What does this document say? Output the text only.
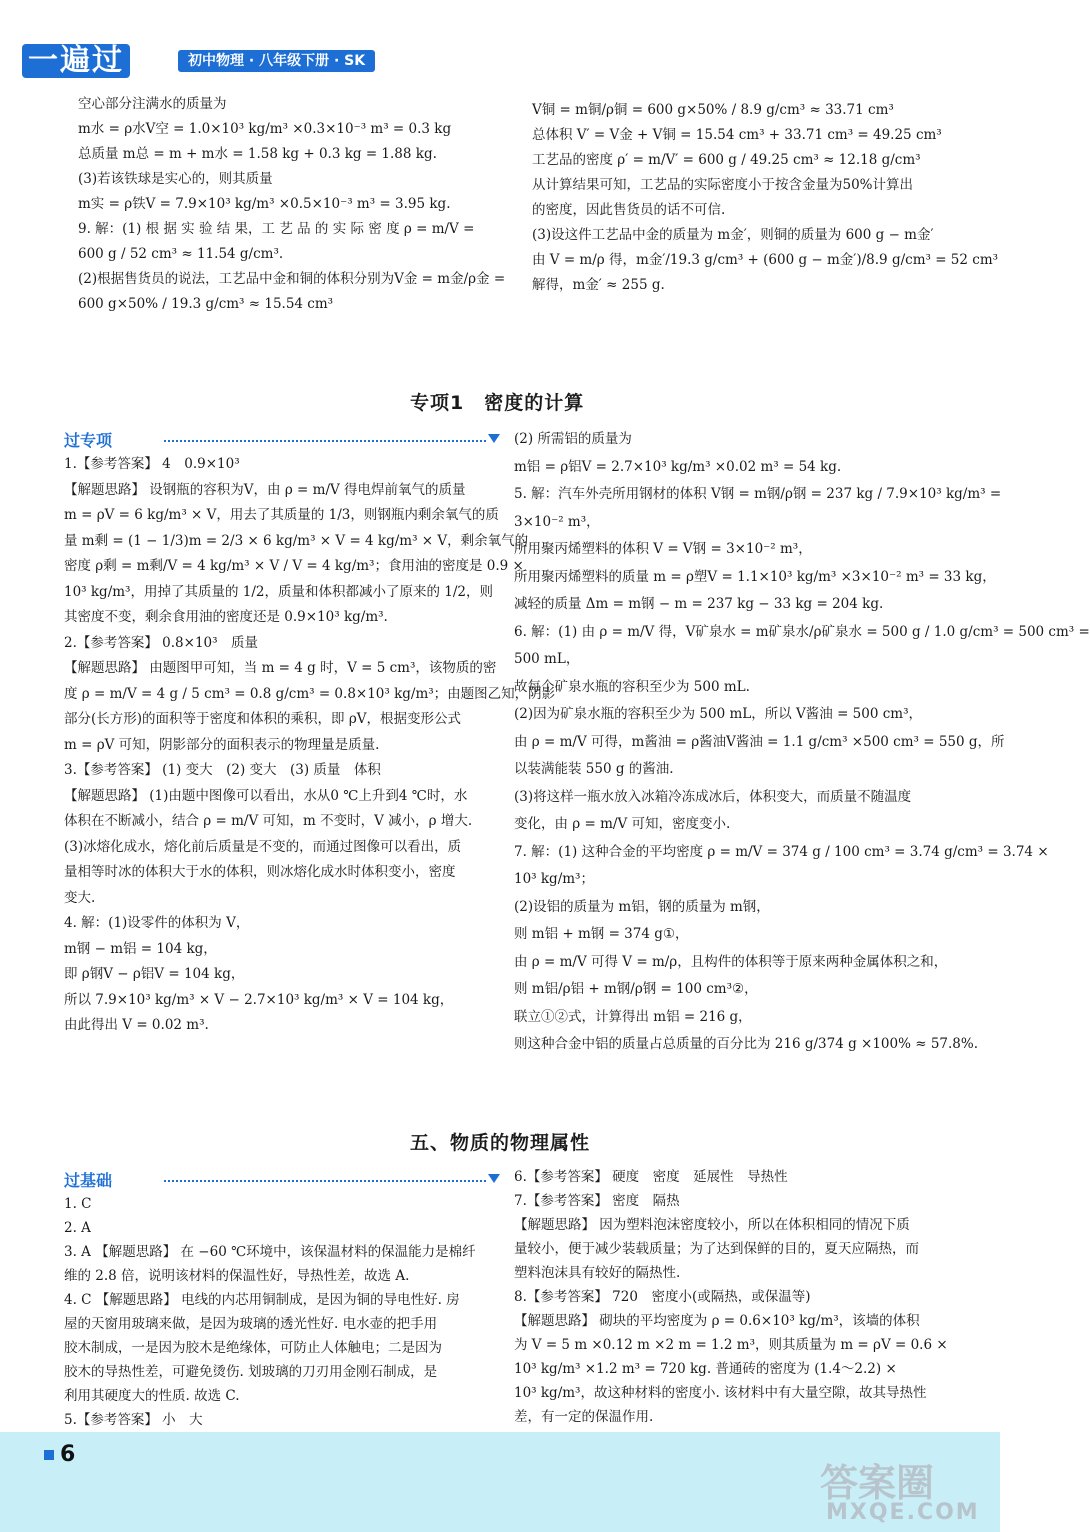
一遍过	初中物理 · 八年级下册 · SK

空心部分注满水的质量为

m水 = ρ水V空 = 1.0×10³ kg/m³ ×0.3×10⁻³ m³ = 0.3 kg

总质量 m总 = m + m水 = 1.58 kg + 0.3 kg = 1.88 kg.

(3)若该铁球是实心的，则其质量

m实 = ρ铁V = 7.9×10³ kg/m³ ×0.5×10⁻³ m³ = 3.95 kg.

9. 解：(1) 根 据 实 验 结 果，工 艺 品 的 实 际 密 度 ρ = m/V =

600 g / 52 cm³ ≈ 11.54 g/cm³.

(2)根据售货员的说法，工艺品中金和铜的体积分别为V金 = m金/ρ金 =

600 g×50% / 19.3 g/cm³ ≈ 15.54 cm³

V铜 = m铜/ρ铜 = 600 g×50% / 8.9 g/cm³ ≈ 33.71 cm³

总体积 V′ = V金 + V铜 = 15.54 cm³ + 33.71 cm³ = 49.25 cm³

工艺品的密度 ρ′ = m/V′ = 600 g / 49.25 cm³ ≈ 12.18 g/cm³

从计算结果可知，工艺品的实际密度小于按含金量为50%计算出

的密度，因此售货员的话不可信.

(3)设这件工艺品中金的质量为 m金′，则铜的质量为 600 g − m金′

由 V = m/ρ 得，m金′/19.3 g/cm³ + (600 g − m金′)/8.9 g/cm³ = 52 cm³

解得，m金′ ≈ 255 g.

专项1　密度的计算
过专项

1.【参考答案】 4　0.9×10³

【解题思路】 设钢瓶的容积为V，由 ρ = m/V 得电焊前氧气的质量

m = ρV = 6 kg/m³ × V，用去了其质量的 1/3，则钢瓶内剩余氧气的质

量 m剩 = (1 − 1/3)m = 2/3 × 6 kg/m³ × V = 4 kg/m³ × V，剩余氧气的

密度 ρ剩 = m剩/V = 4 kg/m³ × V / V = 4 kg/m³；食用油的密度是 0.9 ×

10³ kg/m³，用掉了其质量的 1/2，质量和体积都减小了原来的 1/2，则

其密度不变，剩余食用油的密度还是 0.9×10³ kg/m³.

2.【参考答案】 0.8×10³　质量

【解题思路】 由题图甲可知，当 m = 4 g 时，V = 5 cm³，该物质的密

度 ρ = m/V = 4 g / 5 cm³ = 0.8 g/cm³ = 0.8×10³ kg/m³；由题图乙知，阴影

部分(长方形)的面积等于密度和体积的乘积，即 ρV，根据变形公式

m = ρV 可知，阴影部分的面积表示的物理量是质量.

3.【参考答案】 (1) 变大　(2) 变大　(3) 质量　体积

【解题思路】 (1)由题中图像可以看出，水从0 ℃上升到4 ℃时，水

体积在不断减小，结合 ρ = m/V 可知，m 不变时，V 减小，ρ 增大.

(3)冰熔化成水，熔化前后质量是不变的，而通过图像可以看出，质

量相等时冰的体积大于水的体积，则冰熔化成水时体积变小，密度

变大.

4. 解：(1)设零件的体积为 V，

m钢 − m铝 = 104 kg，

即 ρ钢V − ρ铝V = 104 kg，

所以 7.9×10³ kg/m³ × V − 2.7×10³ kg/m³ × V = 104 kg，

由此得出 V = 0.02 m³.

(2) 所需铝的质量为

m铝 = ρ铝V = 2.7×10³ kg/m³ ×0.02 m³ = 54 kg.

5. 解：汽车外壳所用钢材的体积 V钢 = m钢/ρ钢 = 237 kg / 7.9×10³ kg/m³ =

3×10⁻² m³，

所用聚丙烯塑料的体积 V = V钢 = 3×10⁻² m³，

所用聚丙烯塑料的质量 m = ρ塑V = 1.1×10³ kg/m³ ×3×10⁻² m³ = 33 kg，

减轻的质量 Δm = m钢 − m = 237 kg − 33 kg = 204 kg.

6. 解：(1) 由 ρ = m/V 得，V矿泉水 = m矿泉水/ρ矿泉水 = 500 g / 1.0 g/cm³ = 500 cm³ =

500 mL，

故每个矿泉水瓶的容积至少为 500 mL.

(2)因为矿泉水瓶的容积至少为 500 mL，所以 V酱油 = 500 cm³，

由 ρ = m/V 可得，m酱油 = ρ酱油V酱油 = 1.1 g/cm³ ×500 cm³ = 550 g，所

以装满能装 550 g 的酱油.

(3)将这样一瓶水放入冰箱冷冻成冰后，体积变大，而质量不随温度

变化，由 ρ = m/V 可知，密度变小.

7. 解：(1) 这种合金的平均密度 ρ = m/V = 374 g / 100 cm³ = 3.74 g/cm³ = 3.74 ×

10³ kg/m³；

(2)设铝的质量为 m铝，钢的质量为 m钢，

则 m铝 + m钢 = 374 g①，

由 ρ = m/V 可得 V = m/ρ，且构件的体积等于原来两种金属体积之和，

则 m铝/ρ铝 + m钢/ρ钢 = 100 cm³②，

联立①②式，计算得出 m铝 = 216 g，

则这种合金中铝的质量占总质量的百分比为 216 g/374 g ×100% ≈ 57.8%.

五、物质的物理属性
过基础

1. C

2. A

3. A 【解题思路】 在 −60 ℃环境中，该保温材料的保温能力是棉纤

维的 2.8 倍，说明该材料的保温性好，导热性差，故选 A.

4. C 【解题思路】 电线的内芯用铜制成，是因为铜的导电性好. 房

屋的天窗用玻璃来做，是因为玻璃的透光性好. 电水壶的把手用

胶木制成，一是因为胶木是绝缘体，可防止人体触电；二是因为

胶木的导热性差，可避免烫伤. 划玻璃的刀刃用金刚石制成，是

利用其硬度大的性质. 故选 C.

5.【参考答案】 小　大

6.【参考答案】 硬度　密度　延展性　导热性

7.【参考答案】 密度　隔热

【解题思路】 因为塑料泡沫密度较小，所以在体积相同的情况下质

量较小，便于减少装载质量；为了达到保鲜的目的，夏天应隔热，而

塑料泡沫具有较好的隔热性.

8.【参考答案】 720　密度小(或隔热，或保温等)

【解题思路】 砌块的平均密度为 ρ = 0.6×10³ kg/m³，该墙的体积

为 V = 5 m ×0.12 m ×2 m = 1.2 m³，则其质量为 m = ρV = 0.6 ×

10³ kg/m³ ×1.2 m³ = 720 kg. 普通砖的密度为 (1.4～2.2) ×

10³ kg/m³，故这种材料的密度小. 该材料中有大量空隙，故其导热性

差，有一定的保温作用.

6
答案圈
MXQE.COM
